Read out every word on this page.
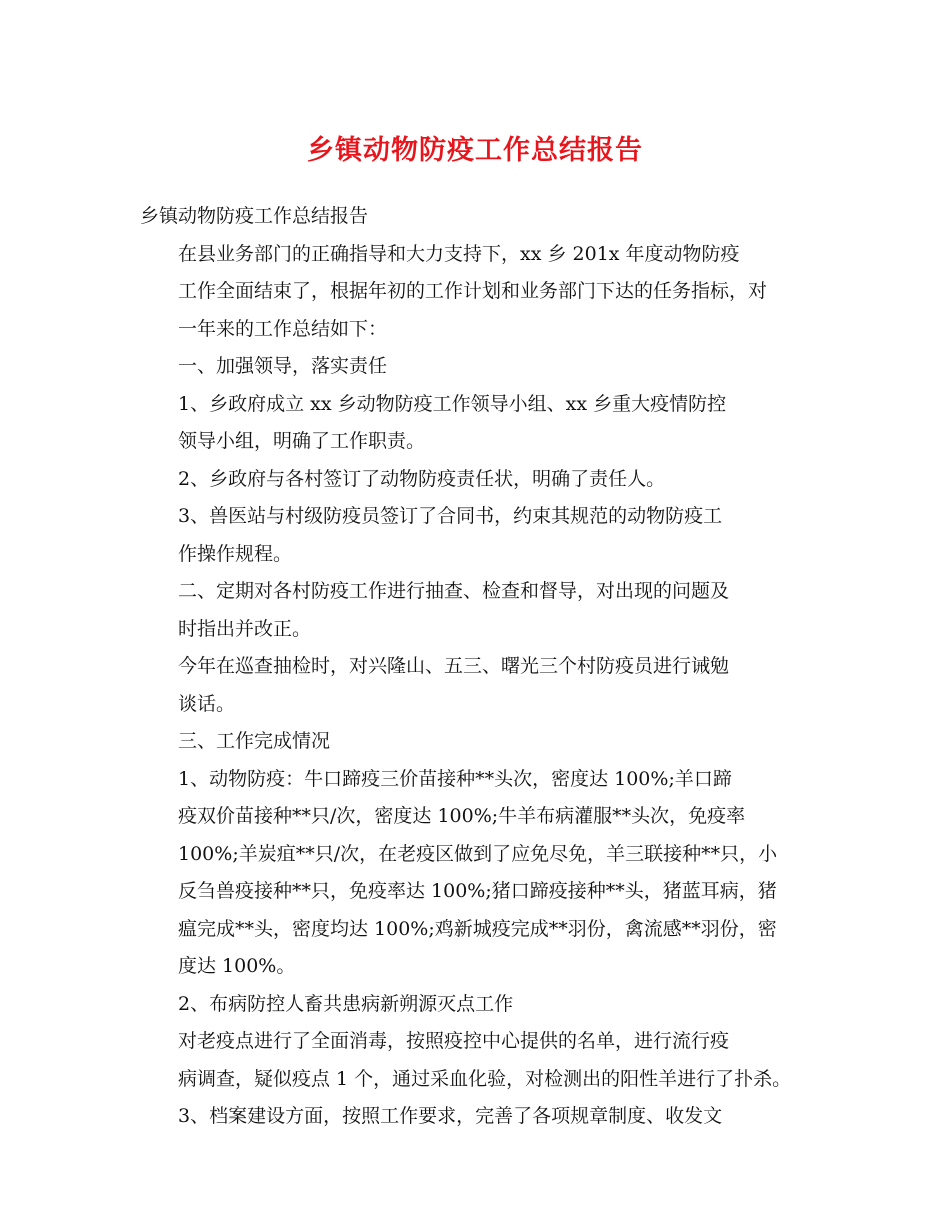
乡镇动物防疫工作总结报告

乡镇动物防疫工作总结报告

在县业务部门的正确指导和大力支持下，xx 乡 201x 年度动物防疫
工作全面结束了，根据年初的工作计划和业务部门下达的任务指标，对
一年来的工作总结如下：

一、加强领导，落实责任

1、乡政府成立 xx 乡动物防疫工作领导小组、xx 乡重大疫情防控
领导小组，明确了工作职责。

2、乡政府与各村签订了动物防疫责任状，明确了责任人。

3、兽医站与村级防疫员签订了合同书，约束其规范的动物防疫工
作操作规程。

二、定期对各村防疫工作进行抽查、检查和督导，对出现的问题及
时指出并改正。

今年在巡查抽检时，对兴隆山、五三、曙光三个村防疫员进行诫勉
谈话。

三、工作完成情况

1、动物防疫：牛口蹄疫三价苗接种**头次，密度达 100%;羊口蹄
疫双价苗接种**只/次，密度达 100%;牛羊布病灌服**头次，免疫率
100%;羊炭疽**只/次，在老疫区做到了应免尽免，羊三联接种**只，小
反刍兽疫接种**只，免疫率达 100%;猪口蹄疫接种**头，猪蓝耳病，猪
瘟完成**头，密度均达 100%;鸡新城疫完成**羽份，禽流感**羽份，密
度达 100%。

2、布病防控人畜共患病新朔源灭点工作

对老疫点进行了全面消毒，按照疫控中心提供的名单，进行流行疫
病调查，疑似疫点 1 个，通过采血化验，对检测出的阳性羊进行了扑杀。

3、档案建设方面，按照工作要求，完善了各项规章制度、收发文
